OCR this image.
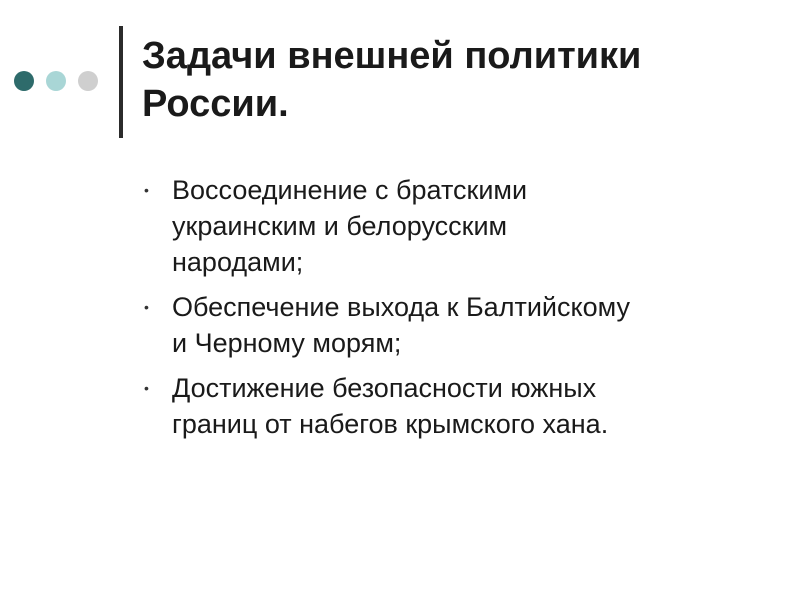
Задачи внешней политики
России.
• Воссоединение с братскими
украинским и белорусским
народами;
• Обеспечение выхода к Балтийскому
и Черному морям;
• Достижение безопасности южных
границ от набегов крымского хана.
